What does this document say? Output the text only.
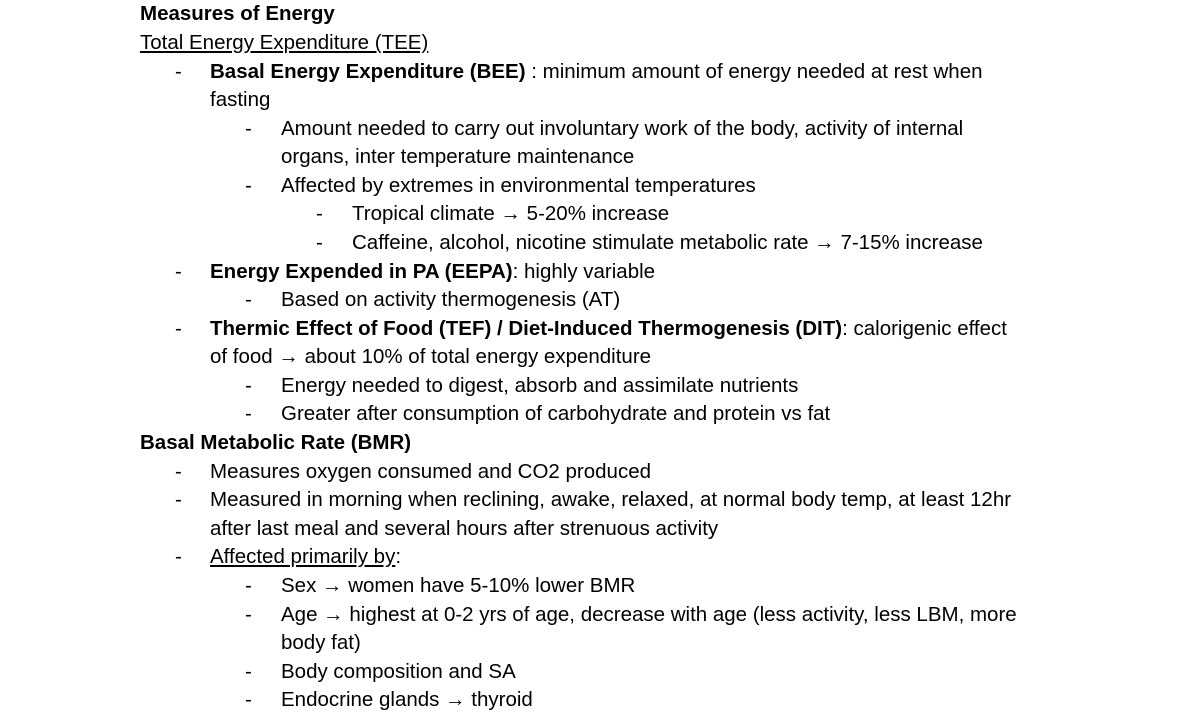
Measures of Energy
Total Energy Expenditure (TEE)
- Basal Energy Expenditure (BEE) : minimum amount of energy needed at rest when
fasting
- Amount needed to carry out involuntary work of the body, activity of internal
organs, inter temperature maintenance
- Affected by extremes in environmental temperatures
- Tropical climate → 5-20% increase
- Caffeine, alcohol, nicotine stimulate metabolic rate → 7-15% increase
- Energy Expended in PA (EEPA): highly variable
- Based on activity thermogenesis (AT)
- Thermic Effect of Food (TEF) / Diet-Induced Thermogenesis (DIT): calorigenic effect
of food → about 10% of total energy expenditure
- Energy needed to digest, absorb and assimilate nutrients
- Greater after consumption of carbohydrate and protein vs fat
Basal Metabolic Rate (BMR)
- Measures oxygen consumed and CO2 produced
- Measured in morning when reclining, awake, relaxed, at normal body temp, at least 12hr
after last meal and several hours after strenuous activity
- Affected primarily by:
- Sex → women have 5-10% lower BMR
- Age → highest at 0-2 yrs of age, decrease with age (less activity, less LBM, more
body fat)
- Body composition and SA
- Endocrine glands → thyroid
